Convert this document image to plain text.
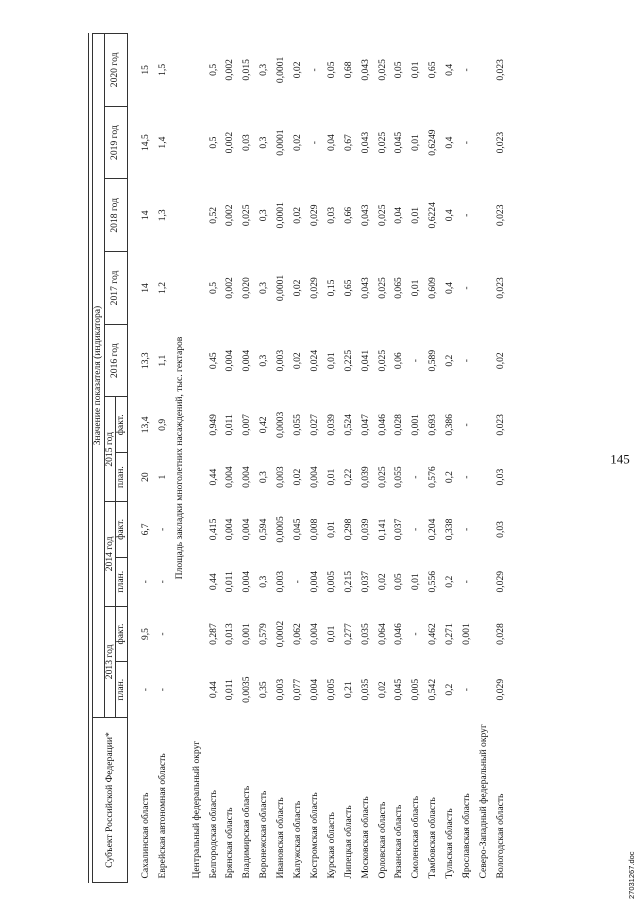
145
Субъект Российской Федерации*	Значение показателя (индикатора)										
	2013 год		2014 год		2015 год		2016 год	2017 год	2018 год	2019 год	2020 год
	план.	факт.	план.	факт.	план.	факт.					

Сахалинская область	-	9,5	-	6,7	20	13,4	13,3	14	14	14,5	15
Еврейская автономная область	-	-	-	-	1	0,9	1,1	1,2	1,3	1,4	1,5
Площадь закладки многолетних насаждений, тыс. гектаров											
Центральный федеральный округ											
Белгородская область	0,44	0,287	0,44	0,415	0,44	0,949	0,45	0,5	0,52	0,5	0,5
Брянская область	0,011	0,013	0,011	0,004	0,004	0,011	0,004	0,002	0,002	0,002	0,002
Владимирская область	0,0035	0,001	0,004	0,004	0,004	0,007	0,004	0,020	0,025	0,03	0,015
Воронежская область	0,35	0,579	0,3	0,594	0,3	0,42	0,3	0,3	0,3	0,3	0,3
Ивановская область	0,003	0,0002	0,003	0,0005	0,003	0,0003	0,003	0,0001	0,0001	0,0001	0,0001
Калужская область	0,077	0,062	-	0,045	0,02	0,055	0,02	0,02	0,02	0,02	0,02
Костромская область	0,004	0,004	0,004	0,008	0,004	0,027	0,024	0,029	0,029	-	-
Курская область	0,005	0,01	0,005	0,01	0,01	0,039	0,01	0,15	0,03	0,04	0,05
Липецкая область	0,21	0,277	0,215	0,298	0,22	0,524	0,225	0,65	0,66	0,67	0,68
Московская область	0,035	0,035	0,037	0,039	0,039	0,047	0,041	0,043	0,043	0,043	0,043
Орловская область	0,02	0,064	0,02	0,141	0,025	0,046	0,025	0,025	0,025	0,025	0,025
Рязанская область	0,045	0,046	0,05	0,037	0,055	0,028	0,06	0,065	0,04	0,045	0,05
Смоленская область	0,005	-	0,01	-	-	0,001	-	0,01	0,01	0,01	0,01
Тамбовская область	0,542	0,462	0,556	0,204	0,576	0,693	0,589	0,609	0,6224	0,6249	0,65
Тульская область	0,2	0,271	0,2	0,338	0,2	0,386	0,2	0,4	0,4	0,4	0,4
Ярославская область	-	0,001	-	-	-	-	-	-	-	-	-
Северо-Западный федеральный округ											
Вологодская область	0,029	0,028	0,029	0,03	0,03	0,023	0,02	0,023	0,023	0,023	0,023
27031267.doc
